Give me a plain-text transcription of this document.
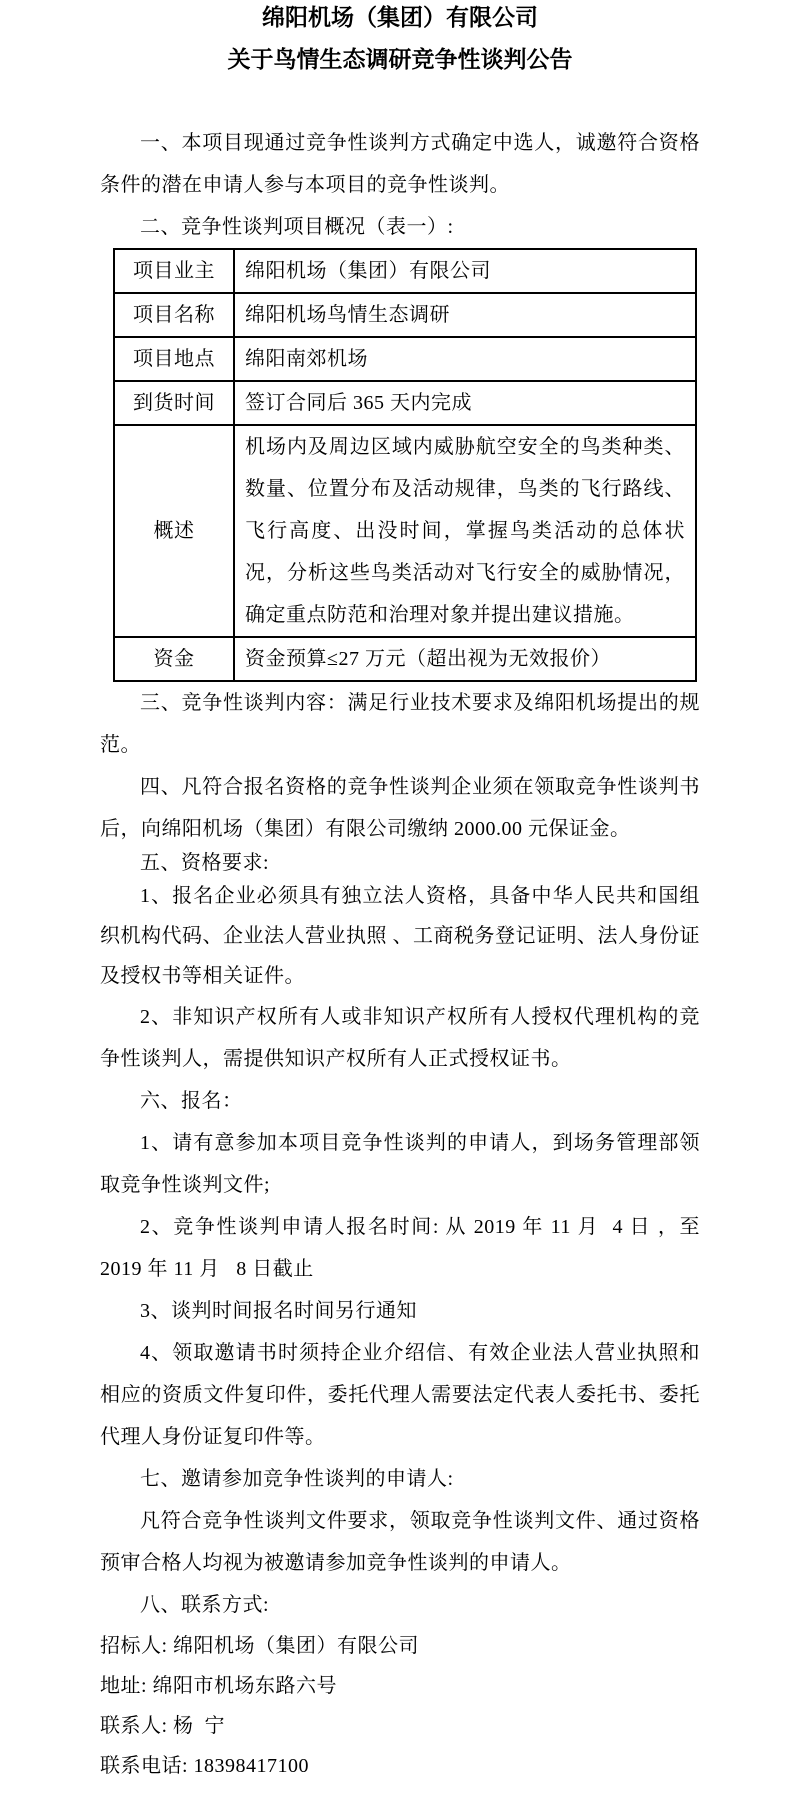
绵阳机场（集团）有限公司

关于鸟情生态调研竞争性谈判公告

一、本项目现通过竞争性谈判方式确定中选人，诚邀符合资格条件的潜在申请人参与本项目的竞争性谈判。

二、竞争性谈判项目概况（表一）:

项目业主	绵阳机场（集团）有限公司
项目名称	绵阳机场鸟情生态调研
项目地点	绵阳南郊机场
到货时间	签订合同后 365 天内完成
概述	机场内及周边区域内威胁航空安全的鸟类种类、数量、位置分布及活动规律，鸟类的飞行路线、飞行高度、出没时间，掌握鸟类活动的总体状况，分析这些鸟类活动对飞行安全的威胁情况，确定重点防范和治理对象并提出建议措施。
资金	资金预算≤27 万元（超出视为无效报价）

三、竞争性谈判内容：满足行业技术要求及绵阳机场提出的规范。

四、凡符合报名资格的竞争性谈判企业须在领取竞争性谈判书后，向绵阳机场（集团）有限公司缴纳 2000.00 元保证金。

五、资格要求:

1、报名企业必须具有独立法人资格，具备中华人民共和国组织机构代码、企业法人营业执照 、工商税务登记证明、法人身份证及授权书等相关证件。

2、非知识产权所有人或非知识产权所有人授权代理机构的竞争性谈判人，需提供知识产权所有人正式授权证书。

六、报名：

1、请有意参加本项目竞争性谈判的申请人，到场务管理部领取竞争性谈判文件;

2、竞争性谈判申请人报名时间: 从 2019 年 11 月  4 日 ，至 2019 年 11 月   8 日截止

3、谈判时间报名时间另行通知

4、领取邀请书时须持企业介绍信、有效企业法人营业执照和相应的资质文件复印件，委托代理人需要法定代表人委托书、委托代理人身份证复印件等。

七、邀请参加竞争性谈判的申请人:

凡符合竞争性谈判文件要求，领取竞争性谈判文件、通过资格预审合格人均视为被邀请参加竞争性谈判的申请人。

八、联系方式:

招标人: 绵阳机场（集团）有限公司

地址: 绵阳市机场东路六号

联系人: 杨  宁

联系电话: 18398417100
